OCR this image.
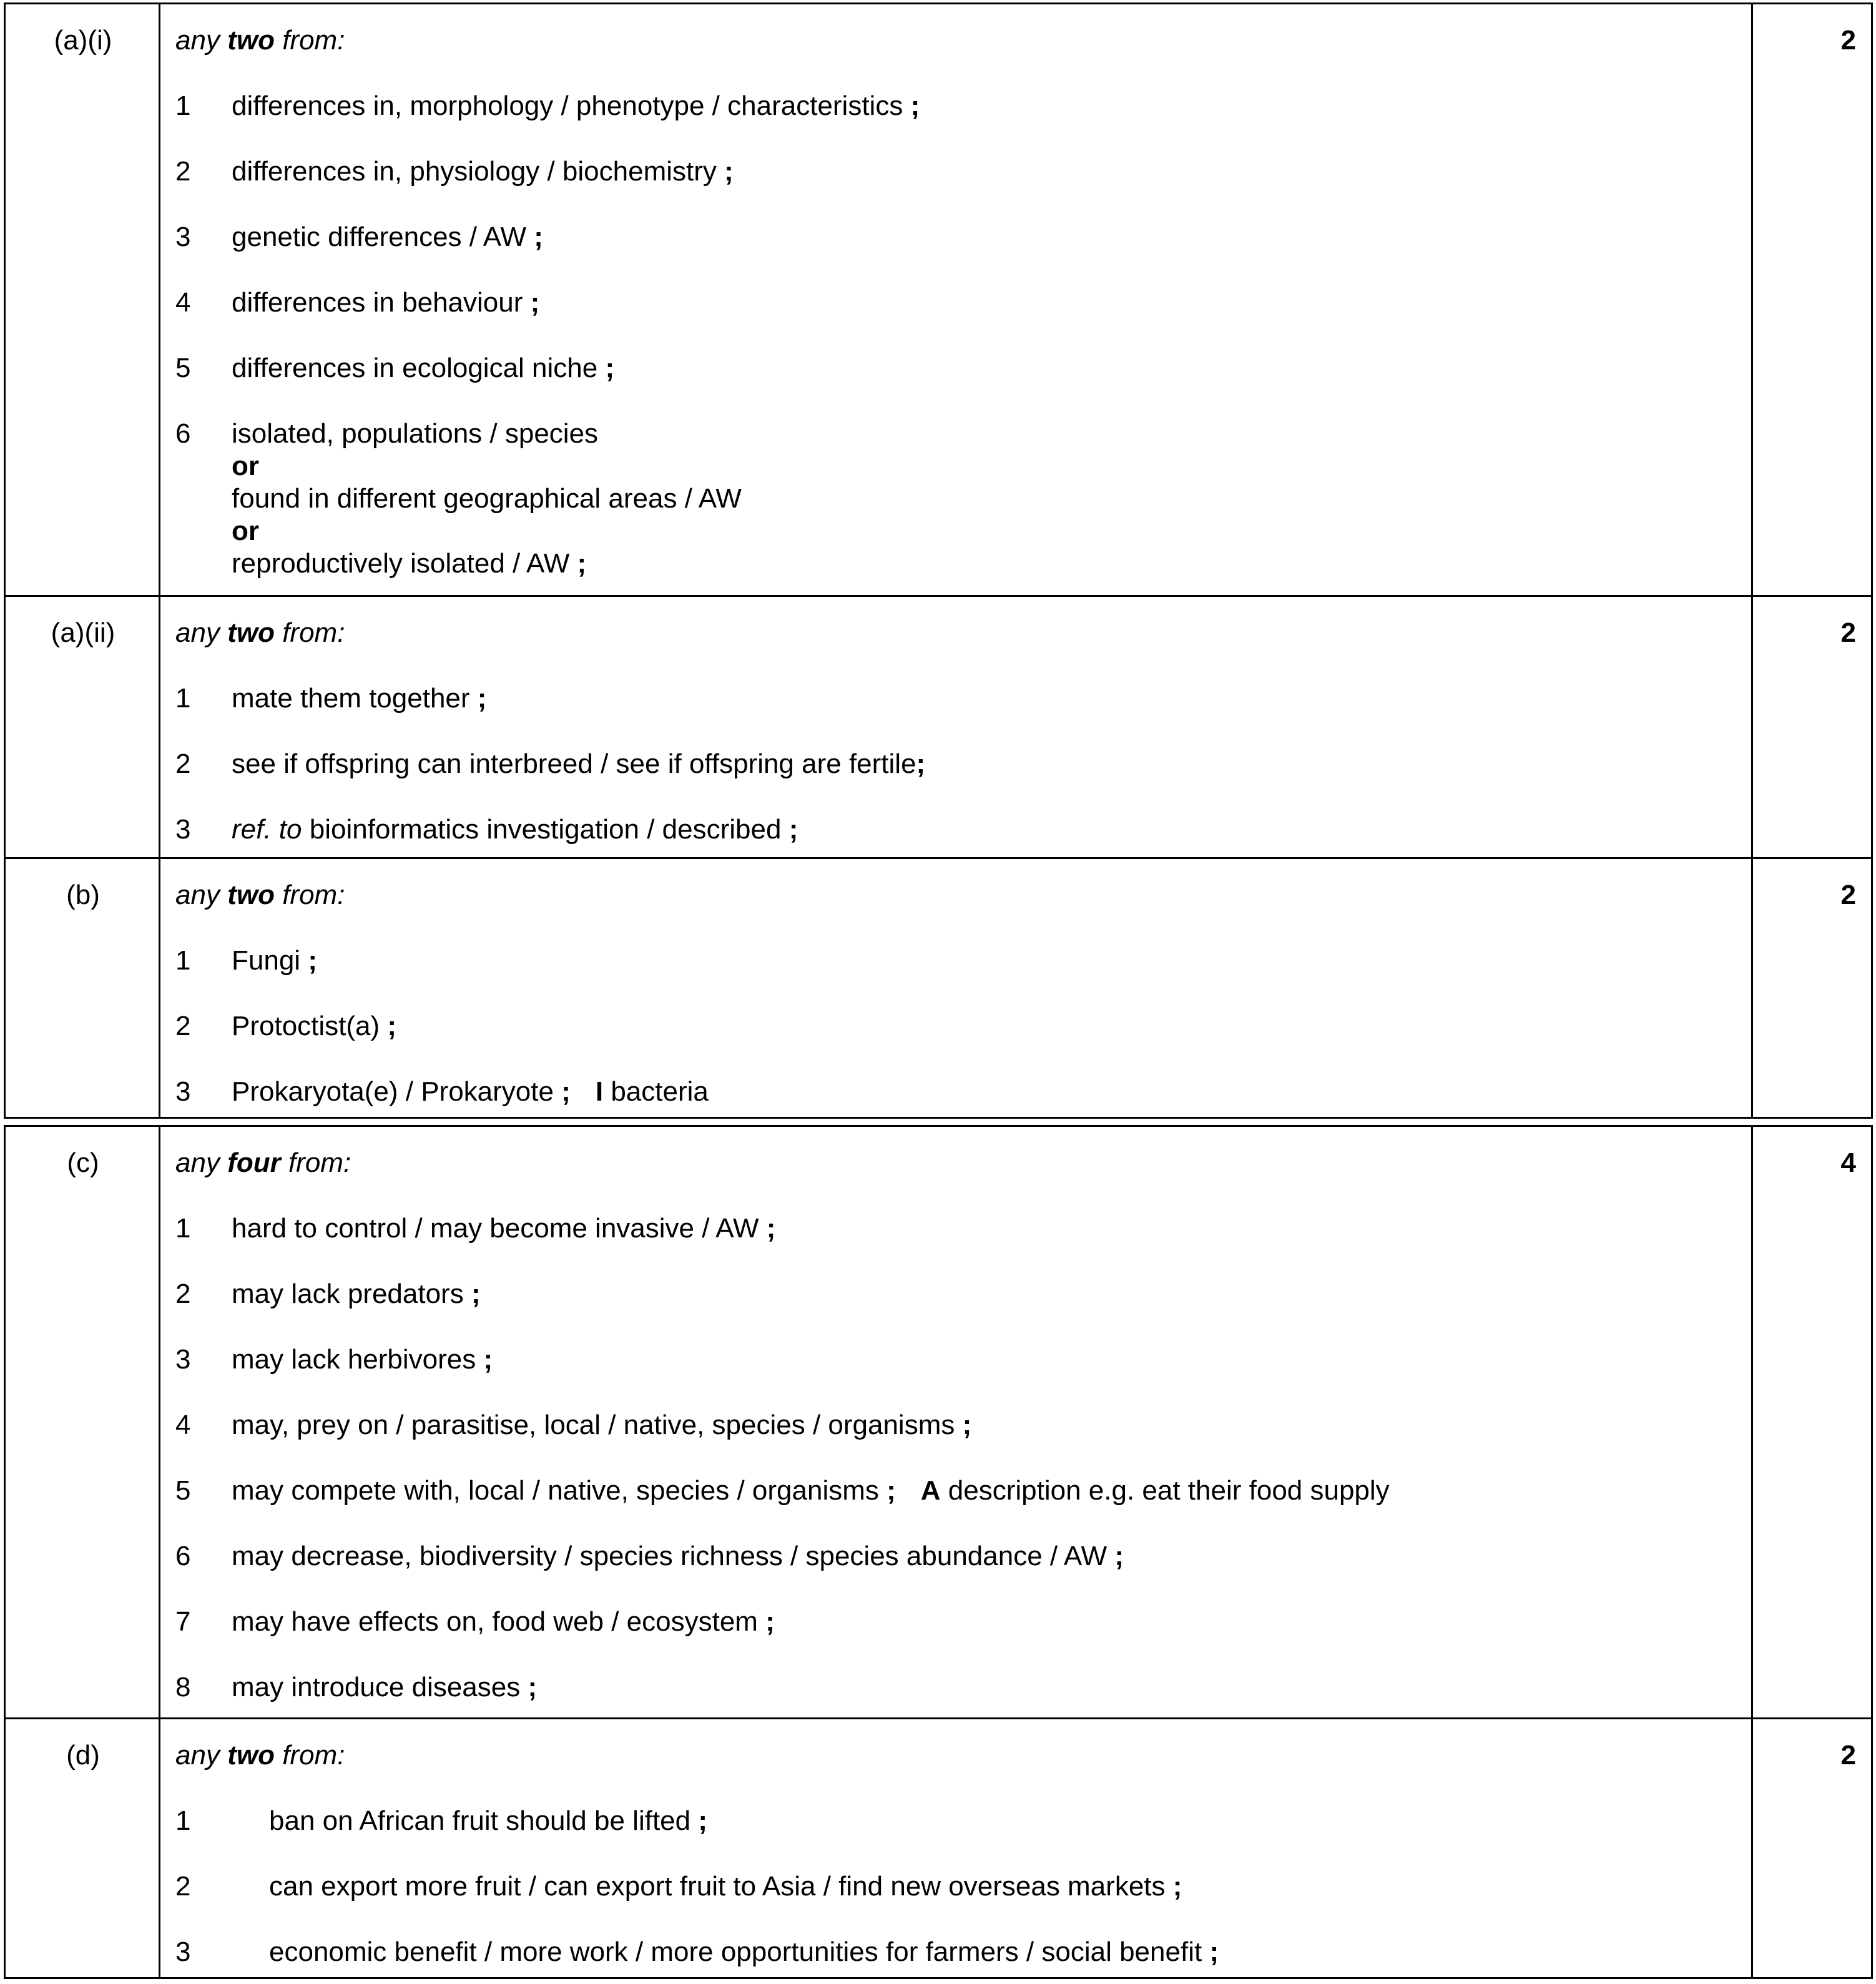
(a)(i)	any two from:
1 differences in, morphology / phenotype / characteristics ;
2 differences in, physiology / biochemistry ;
3 genetic differences / AW ;
4 differences in behaviour ;
5 differences in ecological niche ;
6 isolated, populations / species
or
found in different geographical areas / AW
or
reproductively isolated / AW ;
2
(a)(ii)	any two from:
1 mate them together ;
2 see if offspring can interbreed / see if offspring are fertile;
3 ref. to bioinformatics investigation / described ;
2
(b)	any two from:
1 Fungi ;
2 Protoctist(a) ;
3 Prokaryota(e) / Prokaryote ; I bacteria
2
(c)	any four from:
1 hard to control / may become invasive / AW ;
2 may lack predators ;
3 may lack herbivores ;
4 may, prey on / parasitise, local / native, species / organisms ;
5 may compete with, local / native, species / organisms ; A description e.g. eat their food supply
6 may decrease, biodiversity / species richness / species abundance / AW ;
7 may have effects on, food web / ecosystem ;
8 may introduce diseases ;
4
(d)	any two from:
1	ban on African fruit should be lifted ;
2	can export more fruit / can export fruit to Asia / find new overseas markets ;
3	economic benefit / more work / more opportunities for farmers / social benefit ;
2
